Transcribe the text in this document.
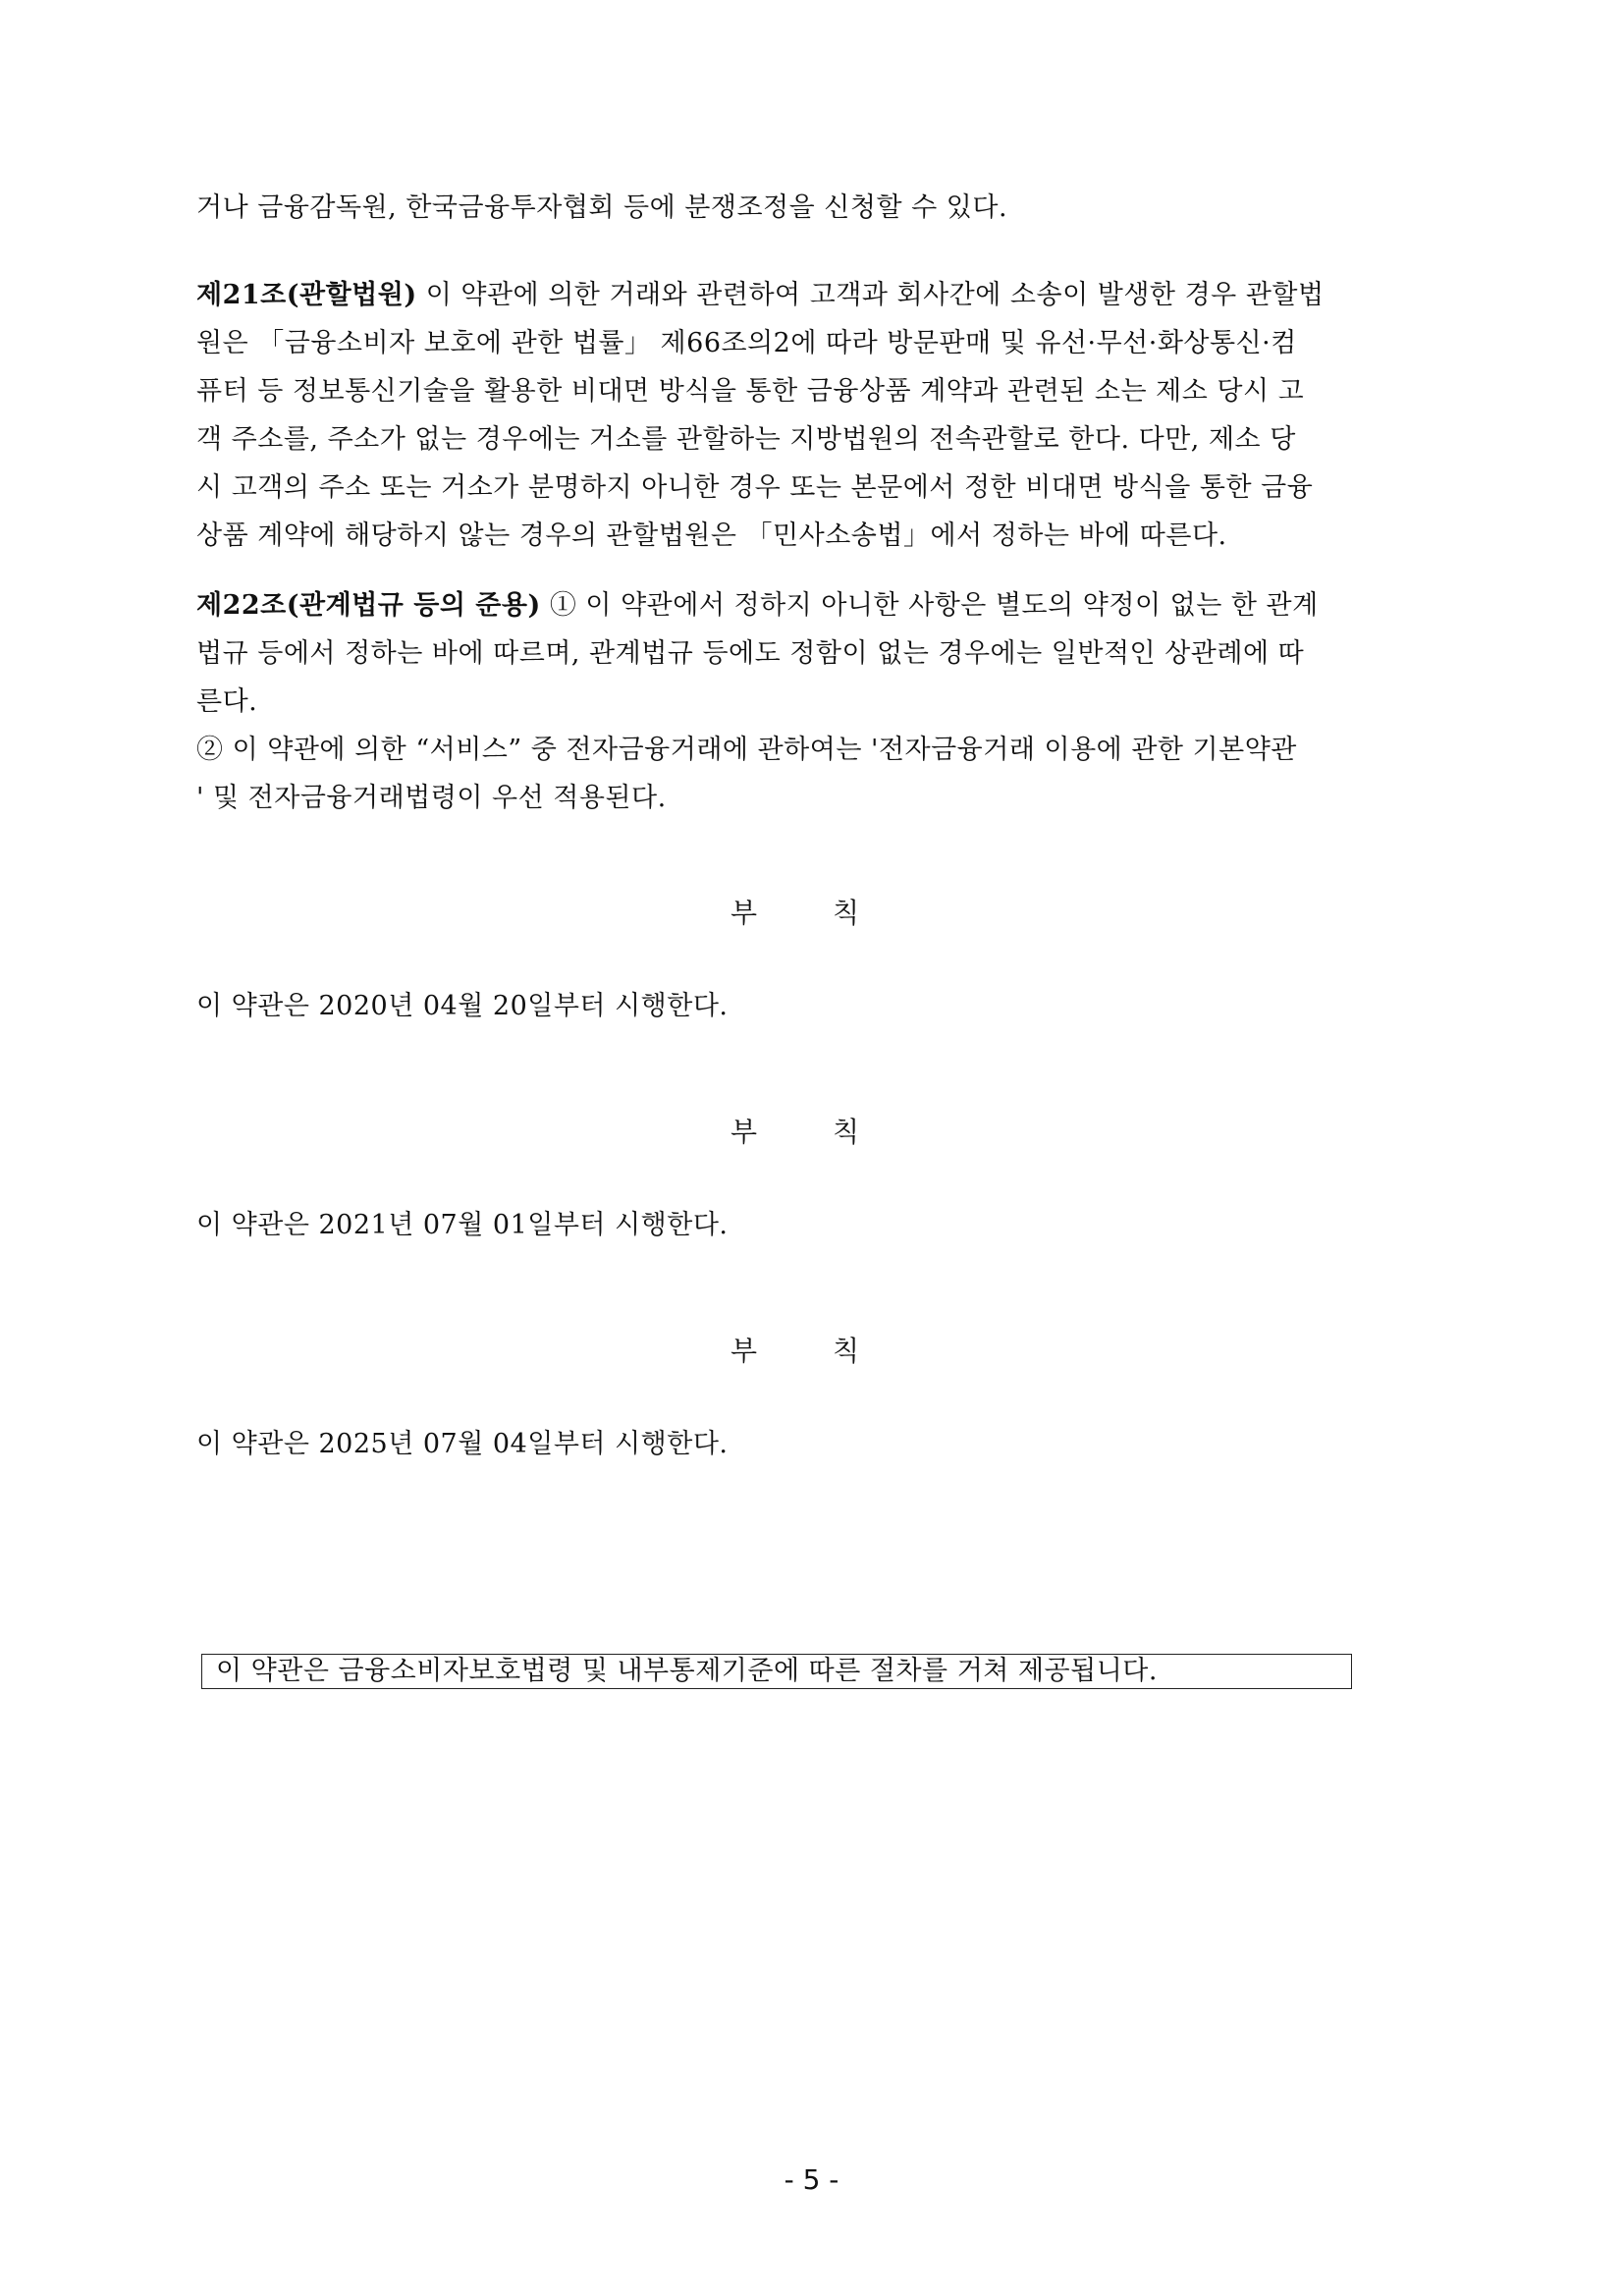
거나 금융감독원, 한국금융투자협회 등에 분쟁조정을 신청할 수 있다.

제21조(관할법원) 이 약관에 의한 거래와 관련하여 고객과 회사간에 소송이 발생한 경우 관할법
원은 「금융소비자 보호에 관한 법률」 제66조의2에 따라 방문판매 및 유선·무선·화상통신·컴
퓨터 등 정보통신기술을 활용한 비대면 방식을 통한 금융상품 계약과 관련된 소는 제소 당시 고
객 주소를, 주소가 없는 경우에는 거소를 관할하는 지방법원의 전속관할로 한다. 다만, 제소 당
시 고객의 주소 또는 거소가 분명하지 아니한 경우 또는 본문에서 정한 비대면 방식을 통한 금융
상품 계약에 해당하지 않는 경우의 관할법원은 「민사소송법」에서 정하는 바에 따른다.

제22조(관계법규 등의 준용) ① 이 약관에서 정하지 아니한 사항은 별도의 약정이 없는 한 관계
법규 등에서 정하는 바에 따르며, 관계법규 등에도 정함이 없는 경우에는 일반적인 상관례에 따
른다.
② 이 약관에 의한 “서비스” 중 전자금융거래에 관하여는 '전자금융거래 이용에 관한 기본약관
' 및 전자금융거래법령이 우선 적용된다.

부 칙

이 약관은 2020년 04월 20일부터 시행한다.

부 칙

이 약관은 2021년 07월 01일부터 시행한다.

부 칙

이 약관은 2025년 07월 04일부터 시행한다.

이 약관은 금융소비자보호법령 및 내부통제기준에 따른 절차를 거쳐 제공됩니다.

- 5 -
